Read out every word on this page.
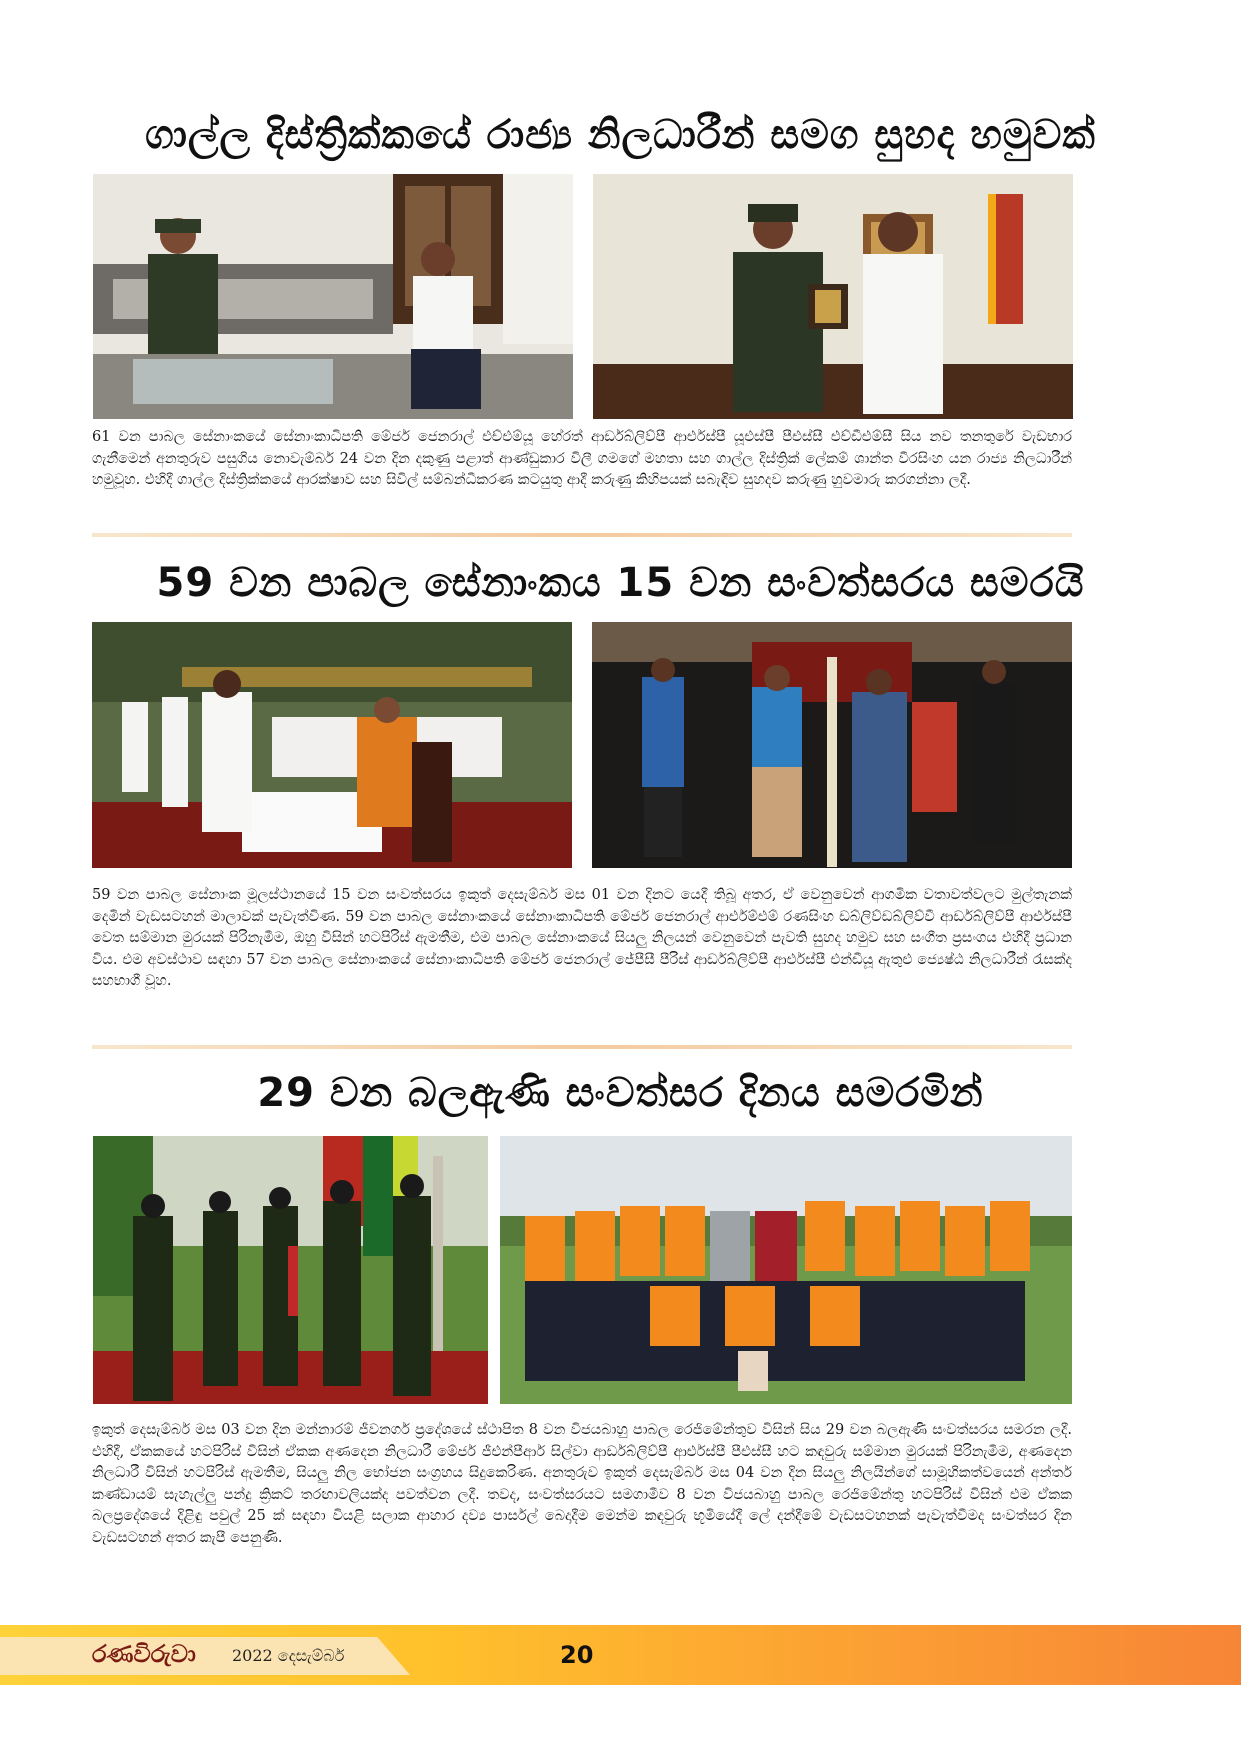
ගාල්ල දිස්ත්‍රික්කයේ රාජ්‍ය නිලධාරීන් සමග සුහද හමුවක්

61 වන පාබල සේනාංකයේ සේනාංකාධිපති මේජර් ජෙනරාල් එච්එම්යූ හේරත් ආර්ඩබ්ලිව්පී ආර්එස්පී යූඑස්පී පීඑස්සී එච්ඩීඑම්සී සිය නව තනතුරේ වැඩභාර ගැනීමෙන් අනතුරුව පසුගිය නොවැම්බර් 24 වන දින දකුණු පළාත් ආණ්ඩුකාර විලී ගමගේ මහතා සහ ගාල්ල දිස්ත්‍රික් ලේකම් ශාන්ත වීරසිංහ යන රාජ්‍ය නිලධාරීන් හමුවූහ. එහිදී ගාල්ල දිස්ත්‍රික්කයේ ආරක්ෂාව සහ සිවිල් සම්බන්ධීකරණ කටයුතු ආදී කරුණු කිහිපයක් සබැඳිව සුහදව කරුණු හුවමාරු කරගන්නා ලදී.

59 වන පාබල සේනාංකය 15 වන සංවත්සරය සමරයි

59 වන පාබල සේනාංක මූලස්ථානයේ 15 වන සංවත්සරය ඉකුත් දෙසැම්බර් මස 01 වන දිනට යෙදී තිබූ අතර, ඒ වෙනුවෙන් ආගමික වතාවත්වලට මුල්තැනක් දෙමින් වැඩසටහන් මාලාවක් පැවැත්විණ. 59 වන පාබල සේනාංකයේ සේනාංකාධිපති මේජර් ජෙනරාල් ආර්එම්එම් රණසිංහ ඩබ්ලිව්ඩබ්ලිව්වී ආර්ඩබ්ලිව්පී ආර්එස්පී වෙත සම්මාන මුරයක් පිරිනැමීම, ඔහු විසින් හටපිරිස් ඇමතීම, එම පාබල සේනාංකයේ සියලු නිලයන් වෙනුවෙන් පැවති සුහද හමුව සහ සංගීත ප්‍රසංගය එහිදී ප්‍රධාන විය. එම අවස්ථාව සඳහා 57 වන පාබල සේනාංකයේ සේනාංකාධිපති මේජර් ජෙනරාල් ජේපීසී පීරිස් ආර්ඩබ්ලිව්පී ආර්එස්පී එන්ඩීයූ ඇතුළු ජ්‍යෙෂ්ඨ නිලධාරීන් රැසක්ද සහභාගී වූහ.

29 වන බලඇණි සංවත්සර දිනය සමරමින්

ඉකුත් දෙසැම්බර් මස 03 වන දින මන්නාරම් ජීවනගර් ප්‍රදේශයේ ස්ථාපිත 8 වන විජයබාහු පාබල රෙජිමේන්තුව විසින් සිය 29 වන බලඇණි සංවත්සරය සමරන ලදී. එහිදී, ඒකකයේ හටපිරිස් විසින් ඒකක අණදෙන නිලධාරී මේජර් ජීඑන්පීආර් සිල්වා ආර්ඩබ්ලිව්පී ආර්එස්පී පීඑස්සී හට කඳවුරු සම්මාන මුරයක් පිරිනැමීම, අණදෙන නිලධාරී විසින් හටපිරිස් ඇමතීම, සියලු නිල භෝජන සංග්‍රහය සිදුකෙරිණ. අනතුරුව ඉකුත් දෙසැම්බර් මස 04 වන දින සියලු නිලයින්ගේ සාමූහිකත්වයෙන් අන්තර් කණ්ඩායම් සැහැල්ලු පන්දු ක්‍රිකට් තරඟාවලියක්ද පවත්වන ලදී. තවද, සංවත්සරයට සමගාමීව 8 වන විජයබාහු පාබල රෙජිමේන්තු හටපිරිස් විසින් එම ඒකක බලප්‍රදේශයේ දිළිඳු පවුල් 25 ක් සඳහා වියළි සලාක ආහාර දව්‍ය පාර්සල් බෙදාදීම මෙන්ම කඳවුරු භූමියේදී ලේ දන්දීමේ වැඩසටහනක් පැවැත්වීමද සංවත්සර දින වැඩසටහන් අතර කැපී පෙනුණි.

රණවිරුවා 2022 දෙසැම්බර්	20
